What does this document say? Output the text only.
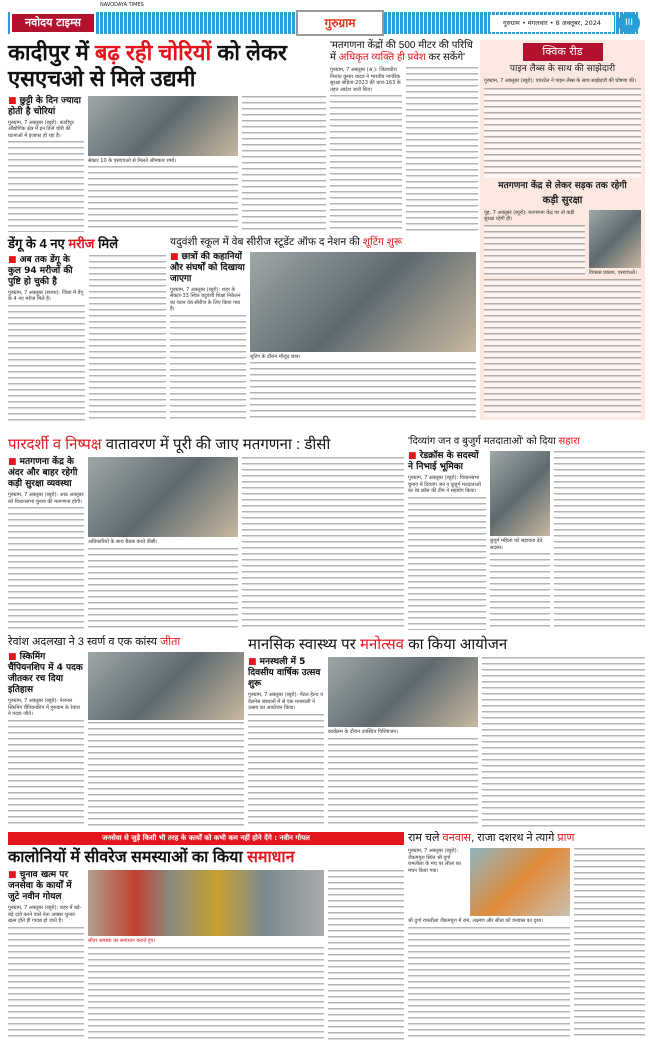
NAVODAYA TIMES
नवोदय टाइम्स	गुरुग्राम	गुरुग्राम • मंगलवार • 8 अक्तूबर, 2024	III
कादीपुर में बढ़ रही चोरियों को लेकर एसएचओ से मिले उद्यमी
■ छुट्टी के दिन ज्यादा होती है चोरियां
गुरुग्राम, 7 अक्तूबर (ब्यूरो): कादीपुर औद्योगिक क्षेत्र में इन दिनों चोरी की घटनाओं में इजाफा हो रहा है।
सेक्टर 10 के एसएचओ से मिलते औमकार शर्मा।
'मतगणना केंद्रों की 500 मीटर की परिधि में अधिकृत व्यक्ति ही प्रवेश कर सकेंगे'
गुरुग्राम, 7 अक्तूबर (अ.): जिलाधीश निशांत कुमार यादव ने भारतीय नागरिक सुरक्षा संहिता-2023 की धारा-163 के तहत आदेश जारी किए।
क्विक रीड
पाइन लैब्स के साथ की साझेदारी
गुरुग्राम, 7 अक्तूबर (ब्यूरो): एयरटेल ने पाइन लैब्स के साथ साझेदारी की घोषणा की।
मतगणना केंद्र से लेकर सड़क तक रहेगी
कड़ी सुरक्षा
नूंह, 7 अक्तूबर (ब्यूरो): मतगणना केंद्र पर तो कड़ी सुरक्षा रहेगी ही।
विकास प्रकाश, एसएचओ।
डेंगू के 4 नए मरीज मिले
■ अब तक डेंगू के कुल 94 मरीजों की पुष्टि हो चुकी है
गुरुग्राम, 7 अक्तूबर (संजय): जिला में डेंगू के 4 नए मरीज मिले हैं।
यदुवंशी स्कूल में वेब सीरीज स्टूडेंट ऑफ द नेशन की शूटिंग शुरू
■ छात्रों की कहानियों और संघर्षों को दिखाया जाएगा
गुरुग्राम, 7 अक्तूबर (ब्यूरो): शहर के सेक्टर-33 स्थित यदुवंशी शिक्षा निकेतन का चयन वेब सीरीज के लिए किया गया है।
शूटिंग के दौरान मौजूद छात्र।
पारदर्शी व निष्पक्ष वातावरण में पूरी की जाए मतगणना : डीसी
■ मतगणना केंद्र के अंदर और बाहर रहेगी कड़ी सुरक्षा व्यवस्था
गुरुग्राम, 7 अक्तूबर (ब्यूरो): आठ अक्तूबर को विधानसभा चुनाव की मतगणना होगी।
अधिकारियों के साथ बैठक करते डीसी।
'दिव्यांग जन व बुजुर्ग मतदाताओं' को दिया सहारा
■ रेडक्रॉस के सदस्यों ने निभाई भूमिका
गुरुग्राम, 7 अक्तूबर (ब्यूरो): विधानसभा चुनाव में दिव्यांग जन व बुजुर्ग मतदाताओं का रेड क्रॉस की टीम ने सहयोग किया।
बुजुर्ग महिला को सहायता देते सदस्य।
रेवांश अदलखा ने 3 स्वर्ण व एक कांस्य जीता
■ स्किमिंग चैंपियनशिप में 4 पदक जीतकर रच दिया इतिहास
गुरुग्राम, 7 अक्तूबर (ब्यूरो): नेशनल स्किमिंग चैंपियनशिप में गुरुग्राम के रेवांश ने पदक जीते।
मानसिक स्वास्थ्य पर मनोत्सव का किया आयोजन
■ मनस्थली में 5 दिवसीय वार्षिक उत्सव शुरू
गुरुग्राम, 7 अक्तूबर (ब्यूरो): मेंटल हेल्थ व वेलनेस संस्थानों में से एक मनस्थली ने उत्सव का आयोजन किया।
कार्यक्रम के दौरान उपस्थित विशिष्टजन।
जनसेवा से जुड़े किसी भी तरह के कार्यों को कभी कम नहीं होने देंगे : नवीन गोयल
कालोनियों में सीवरेज समस्याओं का किया समाधान
■ चुनाव खत्म पर जनसेवा के कार्यों में जुटे नवीन गोयल
गुरुग्राम, 7 अक्तूबर (ब्यूरो): शहर में बड़े-बड़े दावे करने वाले नेता अक्सर चुनाव खत्म होते ही गायब हो जाते हैं।
सीवर समस्या का समाधान कराते हुए।
राम चले वनवास, राजा दशरथ ने त्यागे प्राण
गुरुग्राम, 7 अक्तूबर (ब्यूरो): जैकमपुरा स्थित श्री दुर्गा रामलीला के मंच पर लीला का मंचन किया गया।
श्री दुर्गा रामलीला जैकमपुरा में राम, लक्ष्मण और सीता को वनवास का दृश्य।
